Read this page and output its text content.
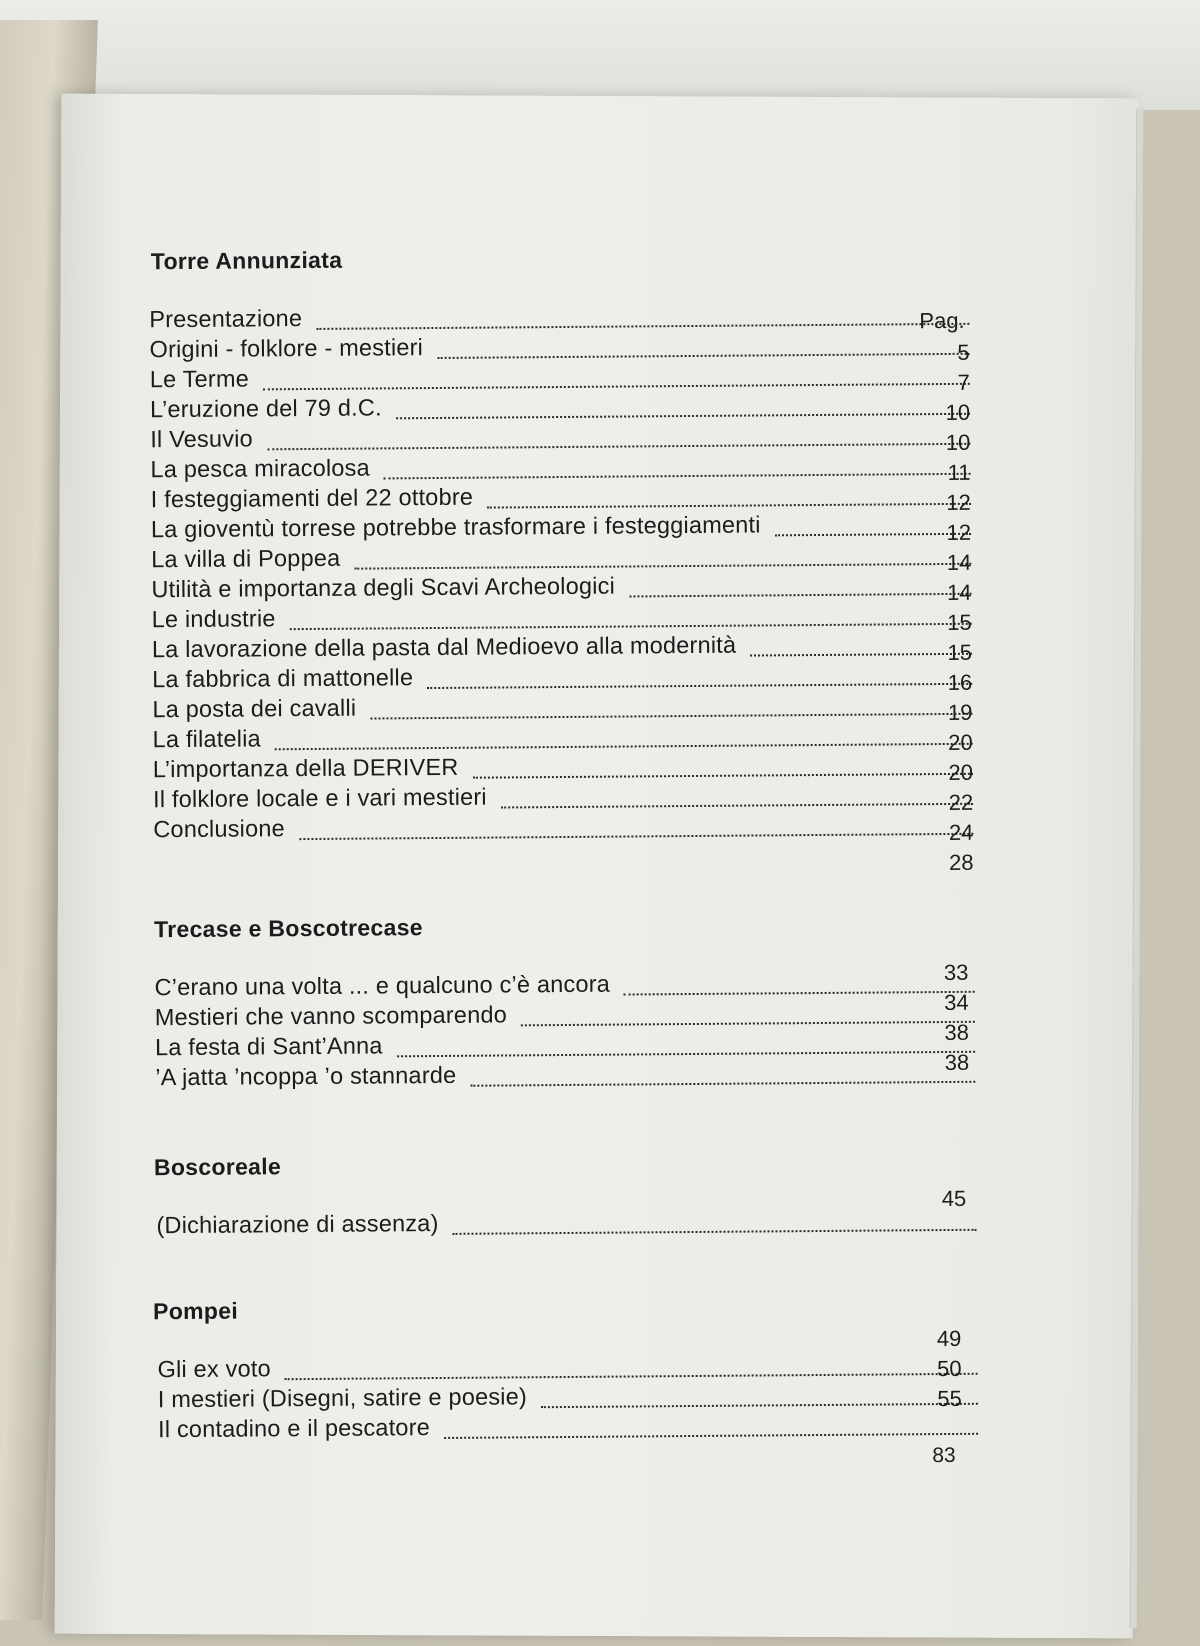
Torre Annunziata
Pag.
Presentazione
Origini - folklore - mestieri
Le Terme
L’eruzione del 79 d.C.
Il Vesuvio
La pesca miracolosa
I festeggiamenti del 22 ottobre
La gioventù torrese potrebbe trasformare i festeggiamenti
La villa di Poppea
Utilità e importanza degli Scavi Archeologici
Le industrie
La lavorazione della pasta dal Medioevo alla modernità
La fabbrica di mattonelle
La posta dei cavalli
La filatelia
L’importanza della DERIVER
Il folklore locale e i vari mestieri
Conclusione
5
7
10
10
11
12
12
14
14
15
15
16
19
20
20
22
24
28
Trecase e Boscotrecase
C’erano una volta ... e qualcuno c’è ancora
Mestieri che vanno scomparendo
La festa di Sant’Anna
’A jatta ’ncoppa ’o stannarde
33
34
38
38
Boscoreale
(Dichiarazione di assenza)
45
Pompei
Gli ex voto
I mestieri (Disegni, satire e poesie)
Il contadino e il pescatore
49
50
55
83
